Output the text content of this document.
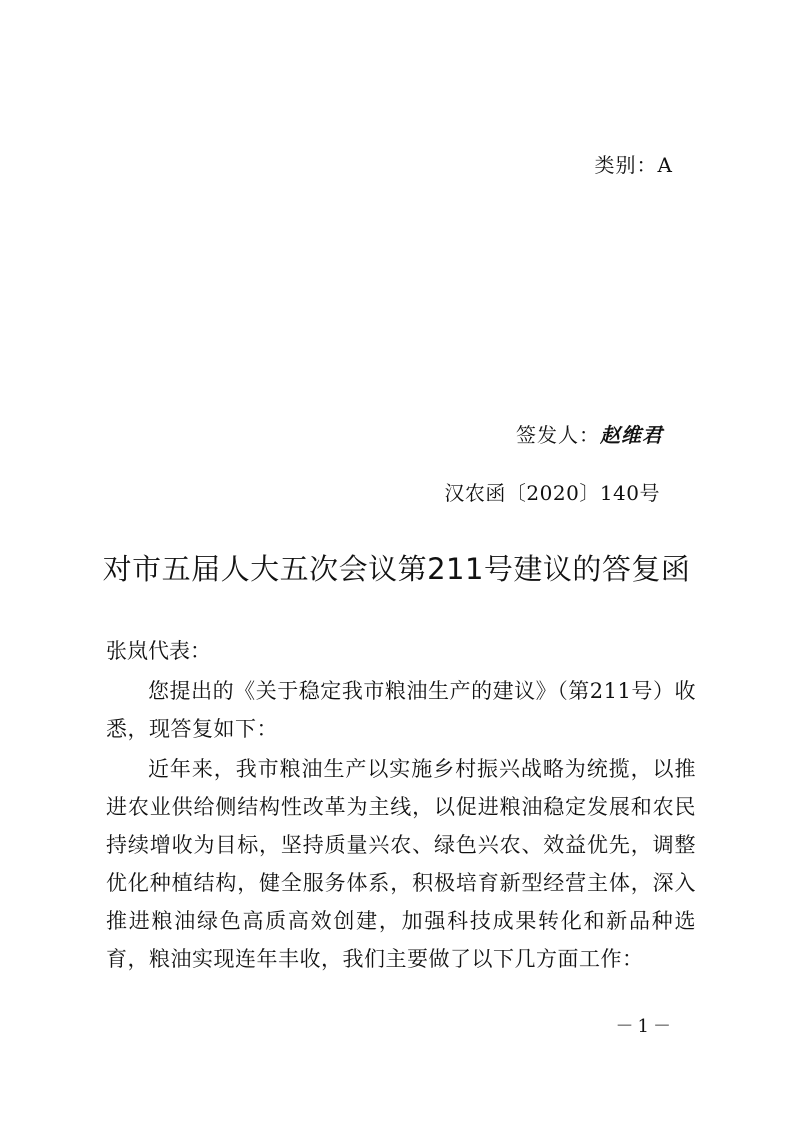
类别：A
签发人：赵维君
汉农函〔2020〕140号
对市五届人大五次会议第211号建议的答复函
张岚代表：

您提出的《关于稳定我市粮油生产的建议》（第211号）收悉，现答复如下：

近年来，我市粮油生产以实施乡村振兴战略为统揽，以推进农业供给侧结构性改革为主线，以促进粮油稳定发展和农民持续增收为目标，坚持质量兴农、绿色兴农、效益优先，调整优化种植结构，健全服务体系，积极培育新型经营主体，深入推进粮油绿色高质高效创建，加强科技成果转化和新品种选育，粮油实现连年丰收，我们主要做了以下几方面工作：

－1－
